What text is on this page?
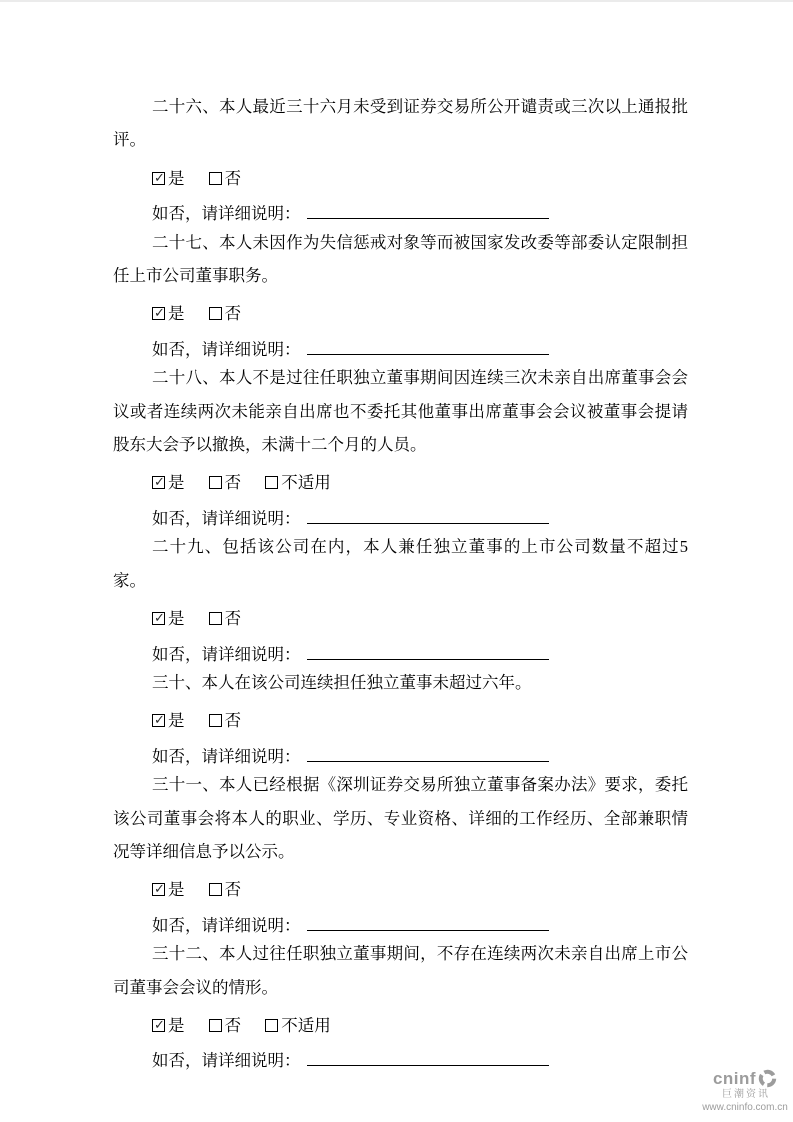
二十六、本人最近三十六月未受到证券交易所公开谴责或三次以上通报批评。

✓ 是 否
如否，请详细说明：

二十七、本人未因作为失信惩戒对象等而被国家发改委等部委认定限制担任上市公司董事职务。

✓ 是 否
如否，请详细说明：

二十八、本人不是过往任职独立董事期间因连续三次未亲自出席董事会会议或者连续两次未能亲自出席也不委托其他董事出席董事会会议被董事会提请股东大会予以撤换，未满十二个月的人员。

✓ 是 否 不适用
如否，请详细说明：

二十九、包括该公司在内，本人兼任独立董事的上市公司数量不超过5 家。

✓ 是 否
如否，请详细说明：

三十、本人在该公司连续担任独立董事未超过六年。

✓ 是 否
如否，请详细说明：

三十一、本人已经根据《深圳证券交易所独立董事备案办法》要求，委托该公司董事会将本人的职业、学历、专业资格、详细的工作经历、全部兼职情况等详细信息予以公示。

✓ 是 否
如否，请详细说明：

三十二、本人过往任职独立董事期间，不存在连续两次未亲自出席上市公司董事会会议的情形。

✓ 是 否 不适用
如否，请详细说明：
cninf
巨潮资讯
www.cninfo.com.cn
